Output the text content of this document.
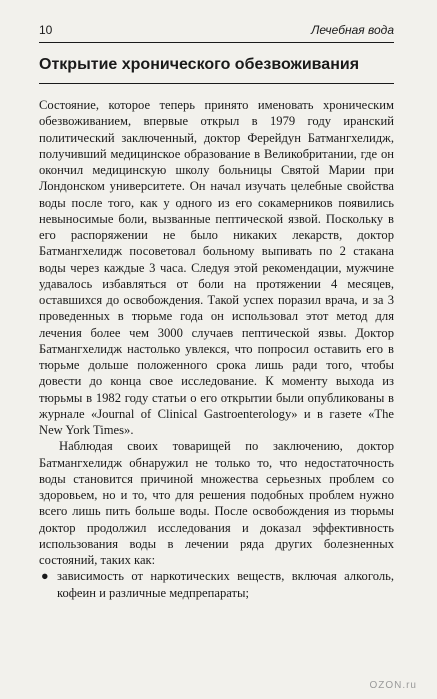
10	Лечебная вода
Открытие хронического обезвоживания

Состояние, которое теперь принято именовать хроническим обезвоживанием, впервые открыл в 1979 году иранский политический заключенный, доктор Ферейдун Батмангхелидж, получивший медицинское образование в Великобритании, где он окончил медицинскую школу больницы Святой Марии при Лондонском университете. Он начал изучать целебные свойства воды после того, как у одного из его сокамерников появились невыносимые боли, вызванные пептической язвой. Поскольку в его распоряжении не было никаких лекарств, доктор Батмангхелидж посоветовал больному выпивать по 2 стакана воды через каждые 3 часа. Следуя этой рекомендации, мужчине удавалось избавляться от боли на протяжении 4 месяцев, оставшихся до освобождения. Такой успех поразил врача, и за 3 проведенных в тюрьме года он использовал этот метод для лечения более чем 3000 случаев пептической язвы. Доктор Батмангхелидж настолько увлекся, что попросил оставить его в тюрьме дольше положенного срока лишь ради того, чтобы довести до конца свое исследование. К моменту выхода из тюрьмы в 1982 году статьи о его открытии были опубликованы в журнале «Journal of Clinical Gastroenterology» и в газете «The New York Times».

Наблюдая своих товарищей по заключению, доктор Батмангхелидж обнаружил не только то, что недостаточность воды становится причиной множества серьезных проблем со здоровьем, но и то, что для решения подобных проблем нужно всего лишь пить больше воды. После освобождения из тюрьмы доктор продолжил исследования и доказал эффективность использования воды в лечении ряда других болезненных состояний, таких как:

● зависимость от наркотических веществ, включая алкоголь, кофеин и различные медпрепараты;

OZON.ru
